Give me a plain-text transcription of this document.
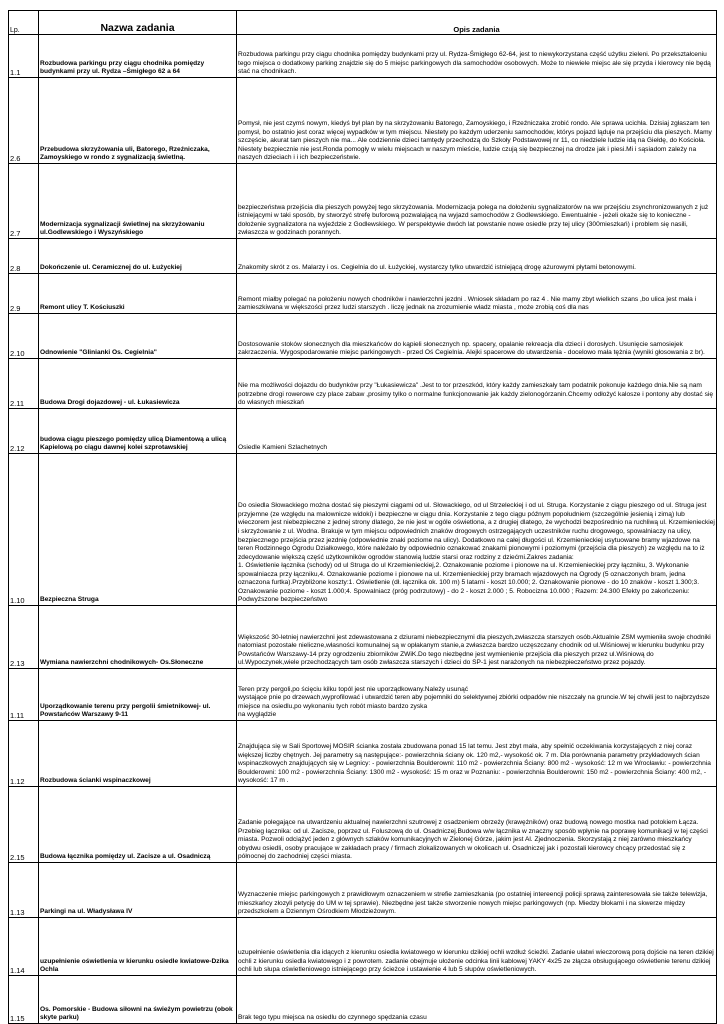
Lp.	Nazwa zadania	Opis zadania
1.1	Rozbudowa parkingu przy ciągu chodnika pomiędzy budynkami przy ul. Rydza –Śmigłego 62 a 64	Rozbudowa parkingu przy ciągu chodnika pomiędzy budynkami przy ul. Rydza-Śmigłego 62-64, jest to niewykorzystana część użytku zieleni. Po przekształceniu tego miejsca o dodatkowy parking znajdzie się do 5 miejsc parkingowych dla samochodów osobowych. Może to niewiele miejsc ale się przyda i kierowcy nie będą stać na chodnikach.
2.6	Przebudowa skrzyżowania uli, Batorego, Rzeźniczaka, Zamoyskiego w rondo z sygnalizacją świetlną.	Pomysł, nie jest czymś nowym, kiedyś był plan by na skrzyżowaniu Batorego, Zamoyskiego, i Rzeźniczaka zrobić rondo. Ale sprawa ucichła. Dzisiaj zgłaszam ten pomysł, bo ostatnio jest coraz więcej wypadków w tym miejscu. Niestety po każdym uderzeniu samochodów, którys pojazd ląduje na przejściu dla pieszych. Mamy szczęście, akurat tam pieszych nie ma... Ale codziennie dzieci tamtędy przechodzą do Szkoły Podstawowej nr 11, co niedziele ludzie idą na Giełdę, do Kościoła. Niestety bezpiecznie nie jest.Ronda pomogły w wielu miejscach w naszym mieście, ludzie czują się bezpiecznej na drodze jak i piesi.Mi i sąsiadom zależy na naszych dzieciach i i ich bezpieczeństwie.
2.7	Modernizacja sygnalizacji świetlnej na skrzyżowaniu ul.Godlewskiego i Wyszyńskiego	bezpieczeństwa przejścia dla pieszych powyżej tego skrzyżowania. Modernizacja polega na dołożeniu sygnalizatorów na ww przejściu zsynchronizowanych z już istniejącymi w taki sposób, by stworzyć strefę buforową pozwalającą na wyjazd samochodów z Godlewskiego. Ewentualnie - jeżeli okaże się to konieczne - dołożenie sygnalizatora na wyjeździe z Godlewskiego. W perspektywie dwóch lat powstanie nowe osiedle przy tej ulicy (300mieszkań) i problem się nasili, zwłaszcza w godzinach porannych.
2.8	Dokończenie ul. Ceramicznej do ul. Łużyckiej	Znakomity skrót z os. Malarzy i os. Cegielnia do ul. Łużyckiej, wystarczy tylko utwardzić istniejącą drogę ażurowymi płytami betonowymi.
2.9	Remont ulicy T. Kościuszki	Remont miałby polegać na położeniu nowych chodników i nawierzchni jezdni . Wniosek składam po raz 4 . Nie mamy zbyt wielkich szans ,bo ulica jest mała i zamieszkiwana w większości przez ludzi starszych . liczę jednak na zrozumienie władz miasta , może zrobią coś dla nas
2.10	Odnowienie "Glinianki Os. Cegielnia"	Dostosowanie stoków słonecznych dla mieszkańców do kąpieli słonecznych np. spacery, opalanie rekreacja dla dzieci i dorosłych. Usunięcie samosiejek zakrzaczenia. Wygospodarowanie miejsc parkingowych - przed Oś Cegielnia. Alejki spacerowe do utwardzenia - docelowo mała tężnia (wyniki głosowania z br).
2.11	Budowa Drogi dojazdowej - ul. Łukasiewicza	Nie ma możliwości dojazdu do budynków przy "Łukasiewicza" .Jest to tor przeszkód, który każdy zamieszkały tam podatnik pokonuje każdego dnia.Nie są nam potrzebne drogi rowerowe czy place zabaw ,prosimy tylko o normalne funkcjonowanie jak każdy zielonogórzanin.Chcemy odłożyć kalosze i pontony aby dostać się do własnych mieszkań
2.12	budowa ciągu pieszego pomiędzy ulicą Diamentową a ulicą Kapielową po ciągu dawnej kolei szprotawskiej	Osiedle Kamieni Szlachetnych
1.10	Bezpieczna Struga	Do osiedla Słowackiego można dostać się pieszymi ciągami od ul. Słowackiego, od ul Strzeleckiej i od ul. Struga. Korzystanie z ciągu pieszego od ul. Struga jest przyjemne (ze względu na malownicze widoki) i bezpieczne w ciągu dnia. Korzystanie z tego ciągu późnym popołudniem (szczególnie jesienią i zimą) lub wieczorem jest niebezpieczne z jednej strony dlatego, że nie jest w ogóle oświetlona, a z drugiej dlatego, że wychodzi bezpośrednio na ruchliwą ul. Krzemienieckiej i skrzyżowanie z ul. Wodna. Brakuje w tym miejscu odpowiednich znaków drogowych ostrzegających uczestników ruchu drogowego, spowalniaczy na ulicy, bezpiecznego przejścia przez jezdnię (odpowiednie znaki poziome na ulicy). Dodatkowo na całej długości ul. Krzemienieckiej usytuowane bramy wjazdowe na teren Rodzinnego Ogrodu Działkowego, które należało by odpowiednio oznakować znakami pionowymi i poziomymi (przejścia dla pieszych) ze względu na to iż zdecydowanie większą część użytkowników ogrodów stanowią ludzie starsi oraz rodziny z dziećmi.Zakres zadania:
1. Oświetlenie łącznika (schody) od ul Struga do ul Krzemienieckiej,2. Oznakowanie poziome i pionowe na ul. Krzemienieckiej przy łączniku, 3. Wykonanie spowalniacza przy łączniku,4. Oznakowanie poziome i pionowe na ul. Krzemienieckiej przy bramach wjazdowych na Ogrody (5 oznaczonych bram, jedna oznaczona furtka).Przybliżone koszty:1. Oświetlenie (dł. łącznika ok. 100 m) 5 latarni - koszt 10.000; 2. Oznakowanie pionowe - do 10 znaków - koszt 1.300;3. Oznakowanie poziome - koszt 1.000;4. Spowalniacz (próg podrzutowy) - do 2 - koszt 2.000 ; 5. Robocizna 10.000 ; Razem: 24.300 Efekty po zakończeniu: Podwyższone bezpieczeństwo
2.13	Wymiana nawierzchni chodnikowych- Os.Słoneczne	Większość 30-letniej nawierzchni jest zdewastowana z dziurami niebezpiecznymi dla pieszych,zwłaszcza starszych osób.Aktualnie ZSM wymieniła swoje chodniki natomiast pozostałe nieliczne,własności komunalnej są w opłakanym stanie,a zwłaszcza bardzo uczęszczany chodnik od ul.Wiśniowej w kierunku budynku przy Powstańców Warszawy-14 przy ogrodzeniu zbiorników ZWiK.Do tego niezbędne jest wymienienie przejścia dla pieszych przez ul.Wiśniową do ul.Wypoczynek,wiele przechodzących tam osób zwłaszcza starszych i dzieci do SP-1 jest narażonych na niebezpieczeństwo przez pojazdy.
1.11	Uporządkowanie terenu przy pergolii śmietnikowej- ul. Powstańców Warszawy 9-11	Teren przy pergoli,po ścięciu kilku topól jest nie uporządkowany.Należy usunąć
wystające pnie po drzewach,wyprofilować i utwardzić teren aby pojemniki do selektywnej zbiórki odpadów nie niszczały na gruncie.W tej chwili jest to najbrzydsze miejsce na osiedlu,po wykonaniu tych robót miasto bardzo zyska
na wyglądzie
1.12	Rozbudowa ścianki wspinaczkowej	Znajdująca się w Sali Sportowej MOSIR ścianka została zbudowana ponad 15 lat temu. Jest zbyt mała, aby spełnić oczekiwania korzystających z niej coraz większej liczby chętnych. Jej parametry są następujące:- powierzchnia ściany ok. 120 m2,- wysokość ok. 7 m. Dla porównania parametry przykładowych ścian wspinaczkowych znajdujących się w Legnicy: - powierzchnia Boulderowni: 110 m2 - powierzchnia Ściany: 800 m2 - wysokość: 12 m we Wrocławiu: - powierzchnia Boulderowni: 100 m2 - powierzchnia Ściany: 1300 m2 - wysokość: 15 m oraz w Poznaniu: - powierzchnia Boulderowni: 150 m2 - powierzchnia Ściany: 400 m2, - wysokość: 17 m .
2.15	Budowa łącznika pomiędzy ul. Zacisze a ul. Osadniczą	Zadanie polegające na utwardzeniu aktualnej nawierzchni szutrowej z osadzeniem obrzeży (krawężników) oraz budową nowego mostka nad potokiem Łącza. Przebieg łącznika: od ul. Zacisze, poprzez ul. Foluszową do ul. Osadniczej.Budowa w/w łącznika w znaczny sposób wpłynie na poprawę komunikacji w tej części miasta. Pozwoli odciążyć jeden z głównych szlaków komunikacyjnych w Zielonej Górze, jakim jest Al. Zjednoczenia. Skorzystają z niej zarówno mieszkańcy obydwu osiedli, osoby pracujące w zakładach pracy / firmach zlokalizowanych w okolicach ul. Osadniczej jak i pozostali kierowcy chcący przedostać się z północnej do zachodniej części miasta.
1.13	Parkingi na ul. Władysława IV	Wyznaczenie miejsc parkingowych z prawidłowym oznaczeniem w strefie zamieszkania (po ostatniej intereencji policji sprawą zainteresowała sie także telewizja, mieszkańcy złozyli petycję do UM w tej sprawie). Niezbędne jest także stworzenie nowych miejsc parkingowych (np. Miedzy blokami i na skwerze między przedszkolem a Dziennym Ośrodkiem Młodzieżowym.
1.14	uzupełnienie oświetlenia w kierunku osiedle kwiatowe-Dzika Ochla	uzupełnienie oświetlenia dla idących z kierunku osiedla kwiatowego w kierunku dzikiej ochli wzdłuż ścieżki. Zadanie ułatwi wieczorową porą dojście na teren dzikiej ochli z kierunku osiedla kwiatowego i z powrotem. zadanie obejmuje ułożenie odcinka linii kablowej YAKY 4x25 ze złącza obsługującego oświetlenie terenu dzikiej ochli lub słupa oświetleniowego istniejącego przy ścieżce i ustawienie 4 lub 5 słupów oświetleniowych.
1.15	Os. Pomorskie - Budowa siłowni na świeżym powietrzu (obok skyte parku)	Brak tego typu miejsca na osiedlu do czynnego spędzania czasu
